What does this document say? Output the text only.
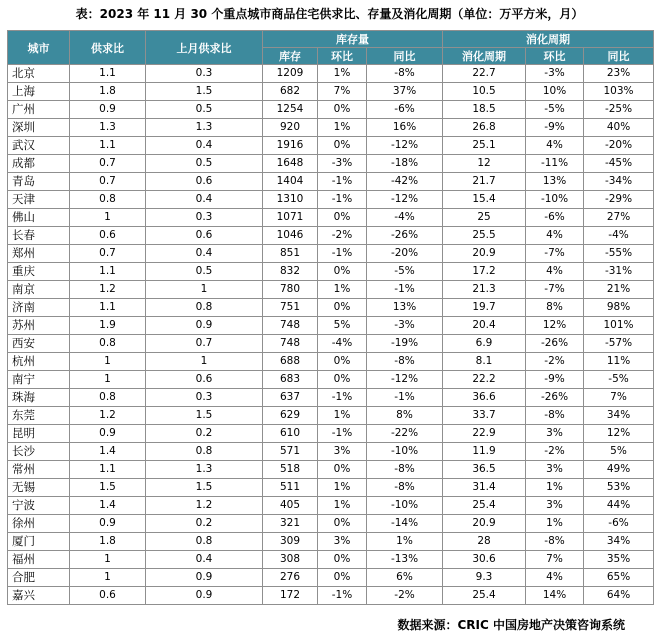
表：2023 年 11 月 30 个重点城市商品住宅供求比、存量及消化周期（单位：万平方米，月）
城市	供求比	上月供求比	库存量			消化周期		
			库存	环比	同比	消化周期	环比	同比
北京	1.1	0.3	1209	1%	-8%	22.7	-3%	23%
上海	1.8	1.5	682	7%	37%	10.5	10%	103%
广州	0.9	0.5	1254	0%	-6%	18.5	-5%	-25%
深圳	1.3	1.3	920	1%	16%	26.8	-9%	40%
武汉	1.1	0.4	1916	0%	-12%	25.1	4%	-20%
成都	0.7	0.5	1648	-3%	-18%	12	-11%	-45%
青岛	0.7	0.6	1404	-1%	-42%	21.7	13%	-34%
天津	0.8	0.4	1310	-1%	-12%	15.4	-10%	-29%
佛山	1	0.3	1071	0%	-4%	25	-6%	27%
长春	0.6	0.6	1046	-2%	-26%	25.5	4%	-4%
郑州	0.7	0.4	851	-1%	-20%	20.9	-7%	-55%
重庆	1.1	0.5	832	0%	-5%	17.2	4%	-31%
南京	1.2	1	780	1%	-1%	21.3	-7%	21%
济南	1.1	0.8	751	0%	13%	19.7	8%	98%
苏州	1.9	0.9	748	5%	-3%	20.4	12%	101%
西安	0.8	0.7	748	-4%	-19%	6.9	-26%	-57%
杭州	1	1	688	0%	-8%	8.1	-2%	11%
南宁	1	0.6	683	0%	-12%	22.2	-9%	-5%
珠海	0.8	0.3	637	-1%	-1%	36.6	-26%	7%
东莞	1.2	1.5	629	1%	8%	33.7	-8%	34%
昆明	0.9	0.2	610	-1%	-22%	22.9	3%	12%
长沙	1.4	0.8	571	3%	-10%	11.9	-2%	5%
常州	1.1	1.3	518	0%	-8%	36.5	3%	49%
无锡	1.5	1.5	511	1%	-8%	31.4	1%	53%
宁波	1.4	1.2	405	1%	-10%	25.4	3%	44%
徐州	0.9	0.2	321	0%	-14%	20.9	1%	-6%
厦门	1.8	0.8	309	3%	1%	28	-8%	34%
福州	1	0.4	308	0%	-13%	30.6	7%	35%
合肥	1	0.9	276	0%	6%	9.3	4%	65%
嘉兴	0.6	0.9	172	-1%	-2%	25.4	14%	64%
数据来源：CRIC 中国房地产决策咨询系统
